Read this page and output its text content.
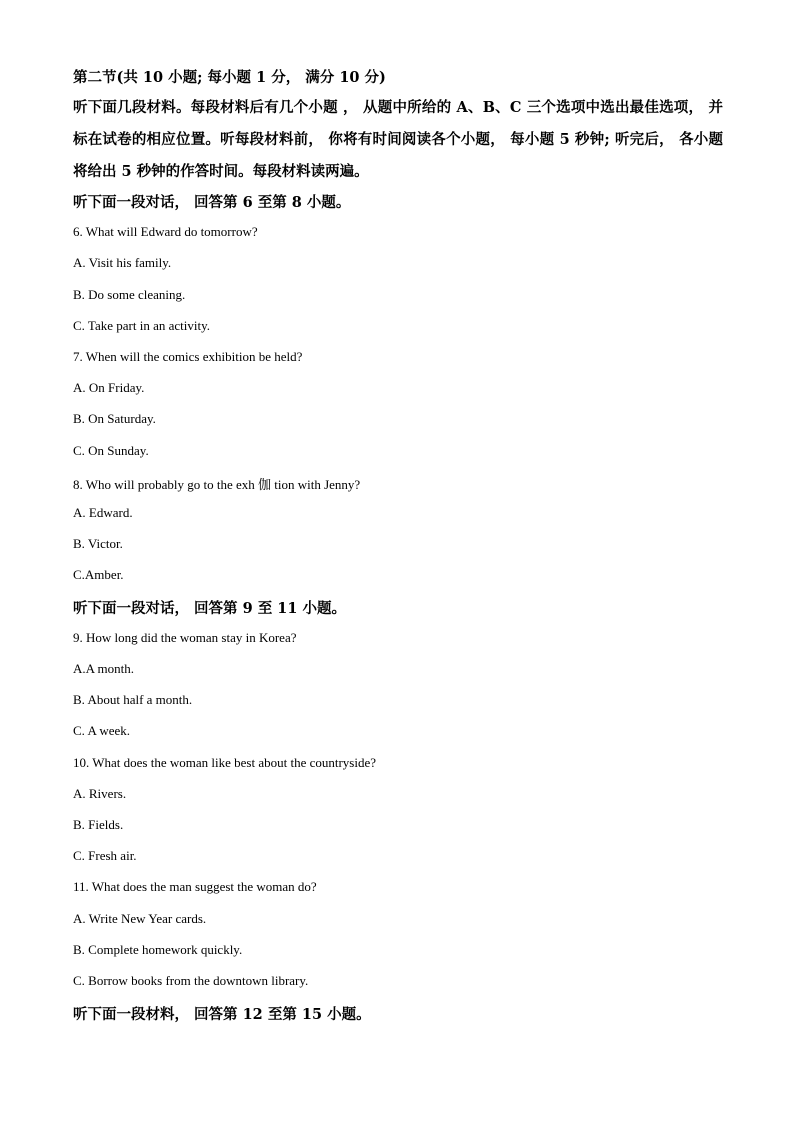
第二节(共 10 小题; 每小题 1 分， 满分 10 分)
听下面几段材料。每段材料后有几个小题 ， 从题中所给的 A、B、C 三个选项中选出最佳选项， 并标在试卷的相应位置。听每段材料前， 你将有时间阅读各个小题， 每小题 5 秒钟; 听完后， 各小题将给出 5 秒钟的作答时间。每段材料读两遍。
听下面一段对话， 回答第 6 至第 8 小题。
6. What will Edward do tomorrow?
A. Visit his family.
B. Do some cleaning.
C. Take part in an activity.
7. When will the comics exhibition be held?
A. On Friday.
B. On Saturday.
C. On Sunday.
8. Who will probably go to the exh 伽 tion with Jenny?
A. Edward.
B. Victor.
C.Amber.
听下面一段对话， 回答第 9 至 11 小题。
9. How long did the woman stay in Korea?
A.A month.
B. About half a month.
C. A week.
10. What does the woman like best about the countryside?
A. Rivers.
B. Fields.
C. Fresh air.
11. What does the man suggest the woman do?
A. Write New Year cards.
B. Complete homework quickly.
C. Borrow books from the downtown library.
听下面一段材料， 回答第 12 至第 15 小题。
